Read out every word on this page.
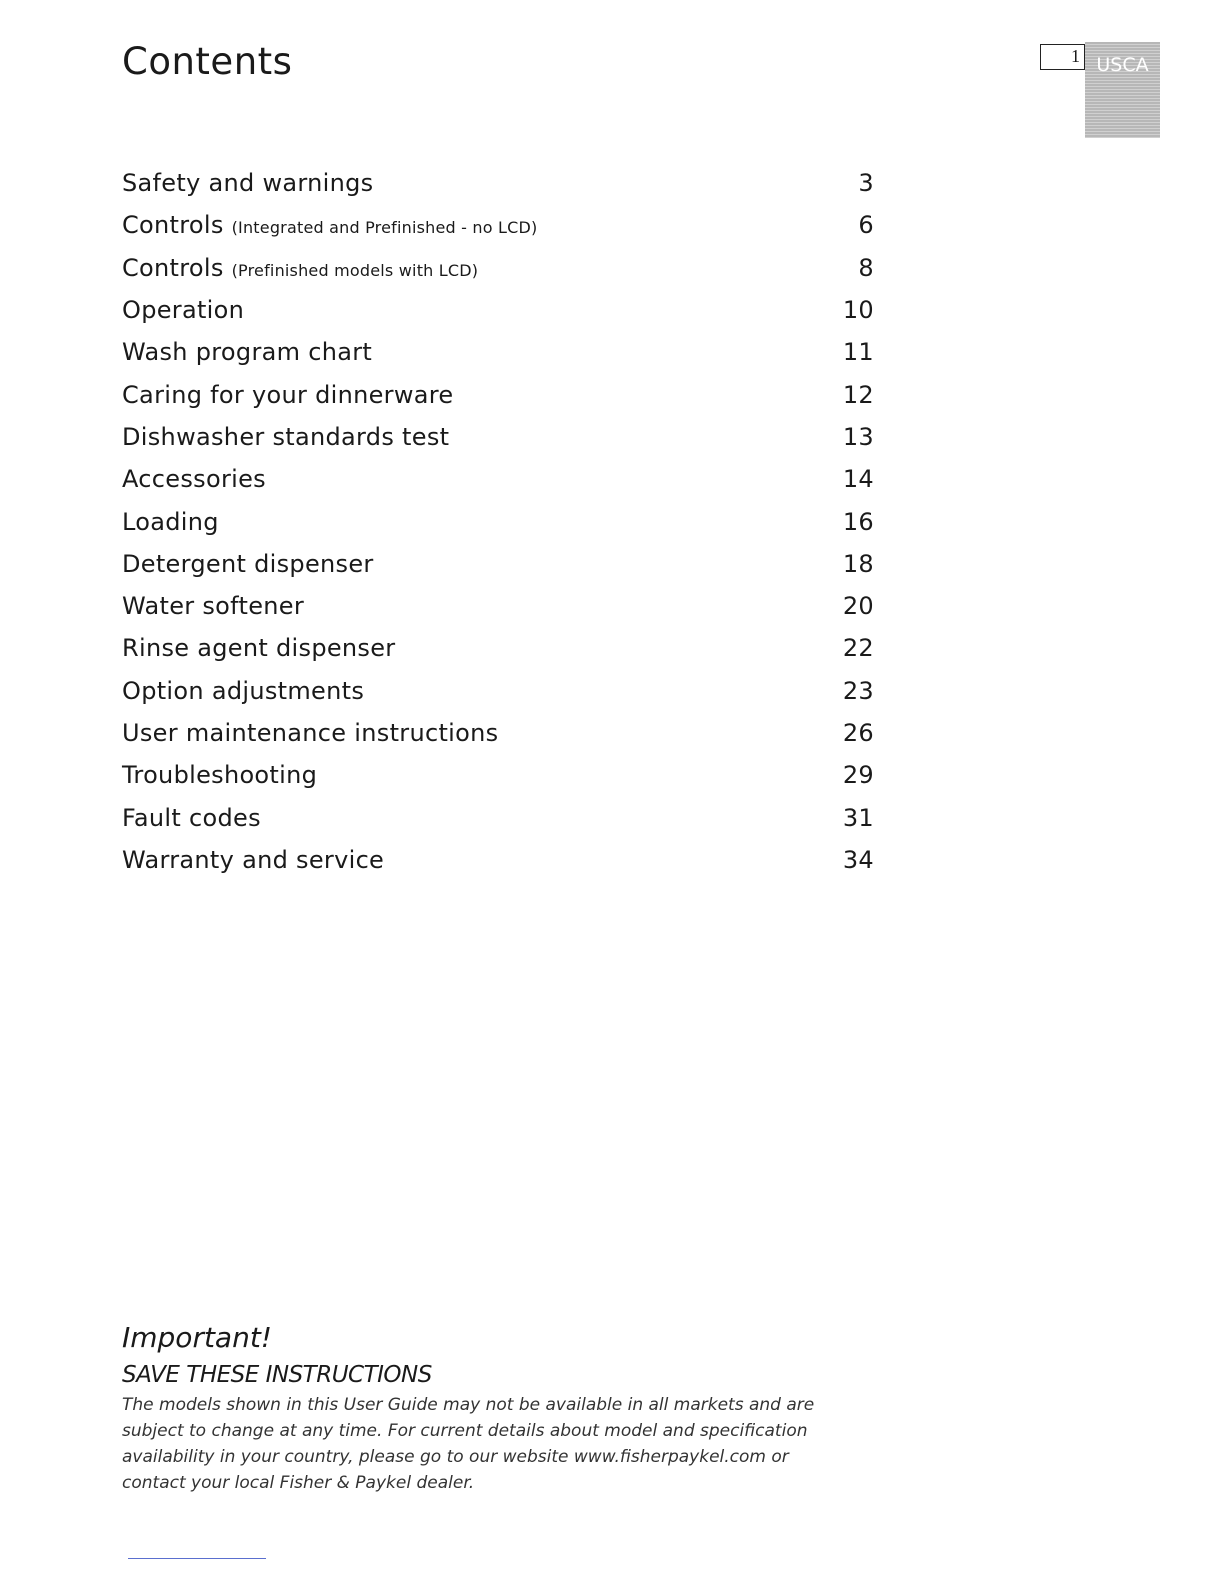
Contents	1 USCA
Safety and warnings	3
Controls (Integrated and Prefinished - no LCD)	6
Controls (Prefinished models with LCD)	8
Operation	10
Wash program chart	11
Caring for your dinnerware	12
Dishwasher standards test	13
Accessories	14
Loading	16
Detergent dispenser	18
Water softener	20
Rinse agent dispenser	22
Option adjustments	23
User maintenance instructions	26
Troubleshooting	29
Fault codes	31
Warranty and service	34
Important!
SAVE THESE INSTRUCTIONS

The models shown in this User Guide may not be available in all markets and are subject to change at any time. For current details about model and specification availability in your country, please go to our website www.fisherpaykel.com or contact your local Fisher & Paykel dealer.
